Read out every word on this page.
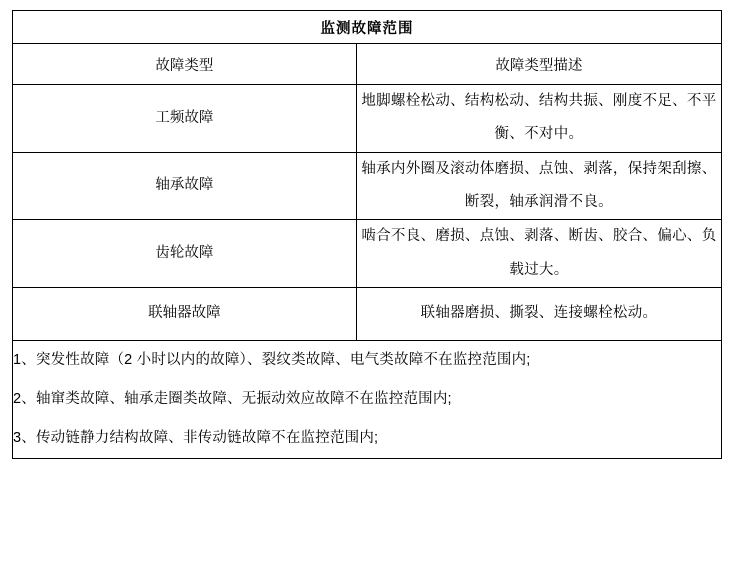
监测故障范围	
故障类型	故障类型描述
工频故障	地脚螺栓松动、结构松动、结构共振、刚度不足、不平衡、不对中。
轴承故障	轴承内外圈及滚动体磨损、点蚀、剥落，保持架刮擦、断裂，轴承润滑不良。
齿轮故障	啮合不良、磨损、点蚀、剥落、断齿、胶合、偏心、负载过大。
联轴器故障	联轴器磨损、撕裂、连接螺栓松动。

1、突发性故障（2 小时以内的故障）、裂纹类故障、电气类故障不在监控范围内;
2、轴窜类故障、轴承走圈类故障、无振动效应故障不在监控范围内;
3、传动链静力结构故障、非传动链故障不在监控范围内;	
